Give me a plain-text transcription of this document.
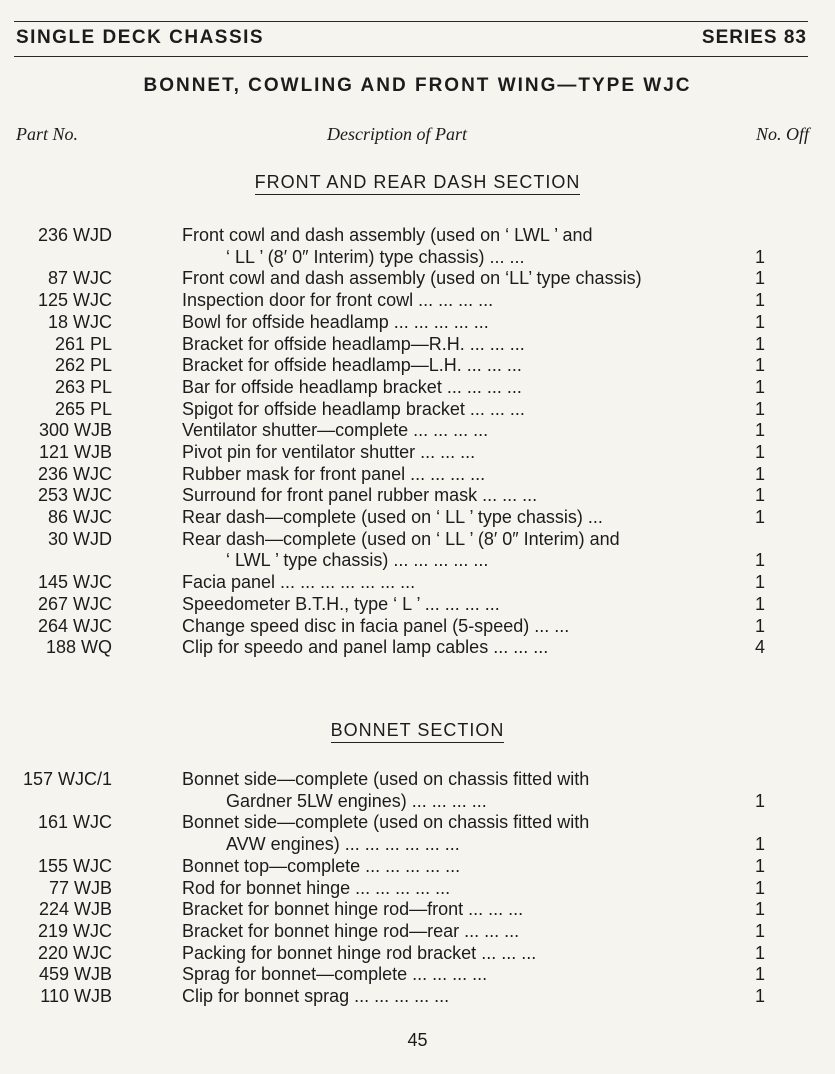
SINGLE DECK CHASSIS	SERIES 83
BONNET, COWLING AND FRONT WING—TYPE WJC
Part No.	Description of Part	No. Off
FRONT AND REAR DASH SECTION
BONNET SECTION
236 WJD	Front cowl and dash assembly (used on ‘ LWL ’ and
‘ LL ’ (8′ 0″ Interim) type chassis) ... ...	1
87 WJC	Front cowl and dash assembly (used on ‘LL’ type chassis)	1
125 WJC	Inspection door for front cowl ... ... ... ...	1
18 WJC	Bowl for offside headlamp ... ... ... ... ...	1
261 PL	Bracket for offside headlamp—R.H. ... ... ...	1
262 PL	Bracket for offside headlamp—L.H. ... ... ...	1
263 PL	Bar for offside headlamp bracket ... ... ... ...	1
265 PL	Spigot for offside headlamp bracket ... ... ...	1
300 WJB	Ventilator shutter—complete ... ... ... ...	1
121 WJB	Pivot pin for ventilator shutter ... ... ...	1
236 WJC	Rubber mask for front panel ... ... ... ...	1
253 WJC	Surround for front panel rubber mask ... ... ...	1
86 WJC	Rear dash—complete (used on ‘ LL ’ type chassis) ...	1
30 WJD	Rear dash—complete (used on ‘ LL ’ (8′ 0″ Interim) and
‘ LWL ’ type chassis) ... ... ... ... ...	1
145 WJC	Facia panel ... ... ... ... ... ... ...	1
267 WJC	Speedometer B.T.H., type ‘ L ’ ... ... ... ...	1
264 WJC	Change speed disc in facia panel (5-speed) ... ...	1
188 WQ	Clip for speedo and panel lamp cables ... ... ...	4
157 WJC/1	Bonnet side—complete (used on chassis fitted with
Gardner 5LW engines) ... ... ... ...	1
161 WJC	Bonnet side—complete (used on chassis fitted with
AVW engines) ... ... ... ... ... ...	1
155 WJC	Bonnet top—complete ... ... ... ... ...	1
77 WJB	Rod for bonnet hinge ... ... ... ... ...	1
224 WJB	Bracket for bonnet hinge rod—front ... ... ...	1
219 WJC	Bracket for bonnet hinge rod—rear ... ... ...	1
220 WJC	Packing for bonnet hinge rod bracket ... ... ...	1
459 WJB	Sprag for bonnet—complete ... ... ... ...	1
110 WJB	Clip for bonnet sprag ... ... ... ... ...	1
45
